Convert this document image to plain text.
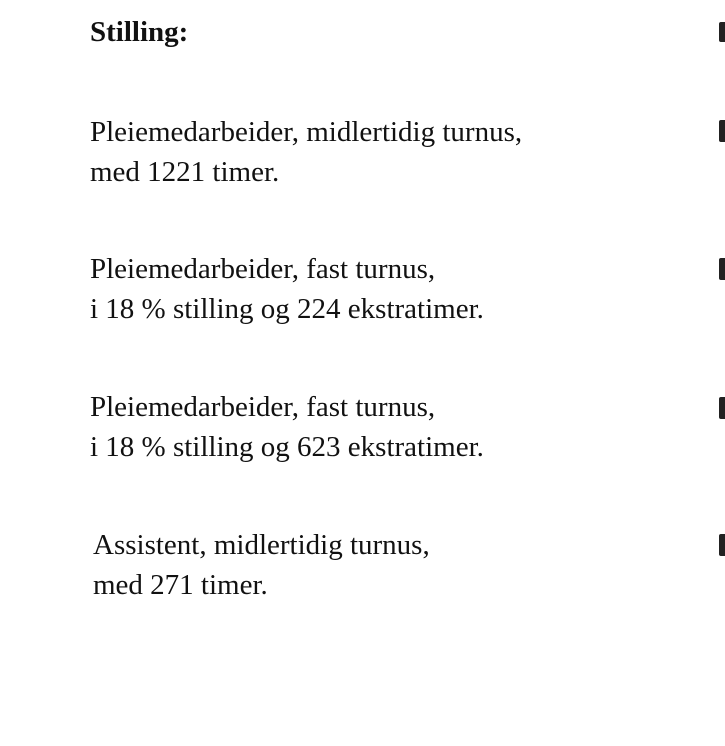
Stilling:
Pleiemedarbeider, midlertidig turnus,
med 1221 timer.
Pleiemedarbeider, fast turnus,
i 18 % stilling og 224 ekstratimer.
Pleiemedarbeider, fast turnus,
i 18 % stilling og 623 ekstratimer.
Assistent, midlertidig turnus,
med 271 timer.
